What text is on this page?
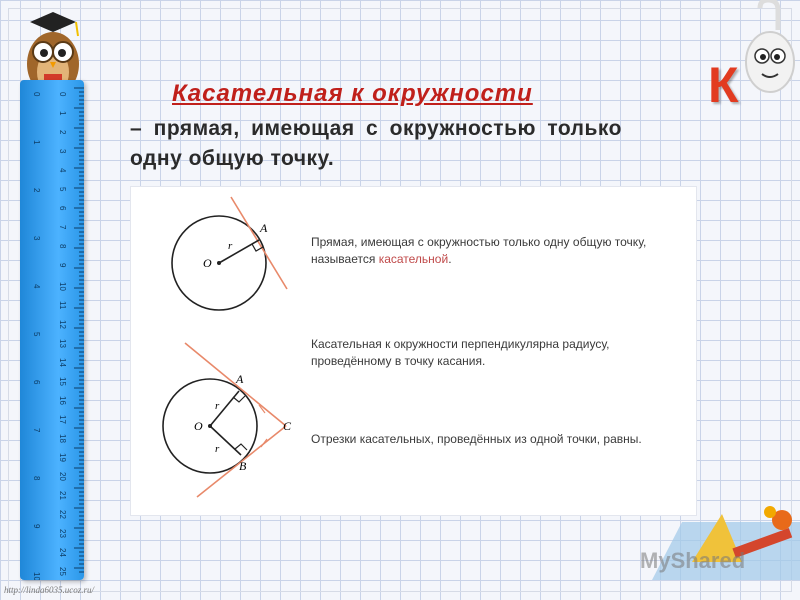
0
1
2
3
4
5
6
7
8
9
10
11
12
13
14
15
16
17
18
19
20
21
22
23
24
25
0
1
2
3
4
5
6
7
8
9
10
К
Касательная к окружности
– прямая, имеющая с окружностью только одну общую точку.
O
r
A
O
r
r
A
B
C
Прямая, имеющая с окружностью только одну общую точку,
называется касательной.
Касательная к окружности перпендикулярна радиусу,
проведённому в точку касания.
Отрезки касательных, проведённых из одной точки, равны.
MyShared
http://linda6035.ucoz.ru/
